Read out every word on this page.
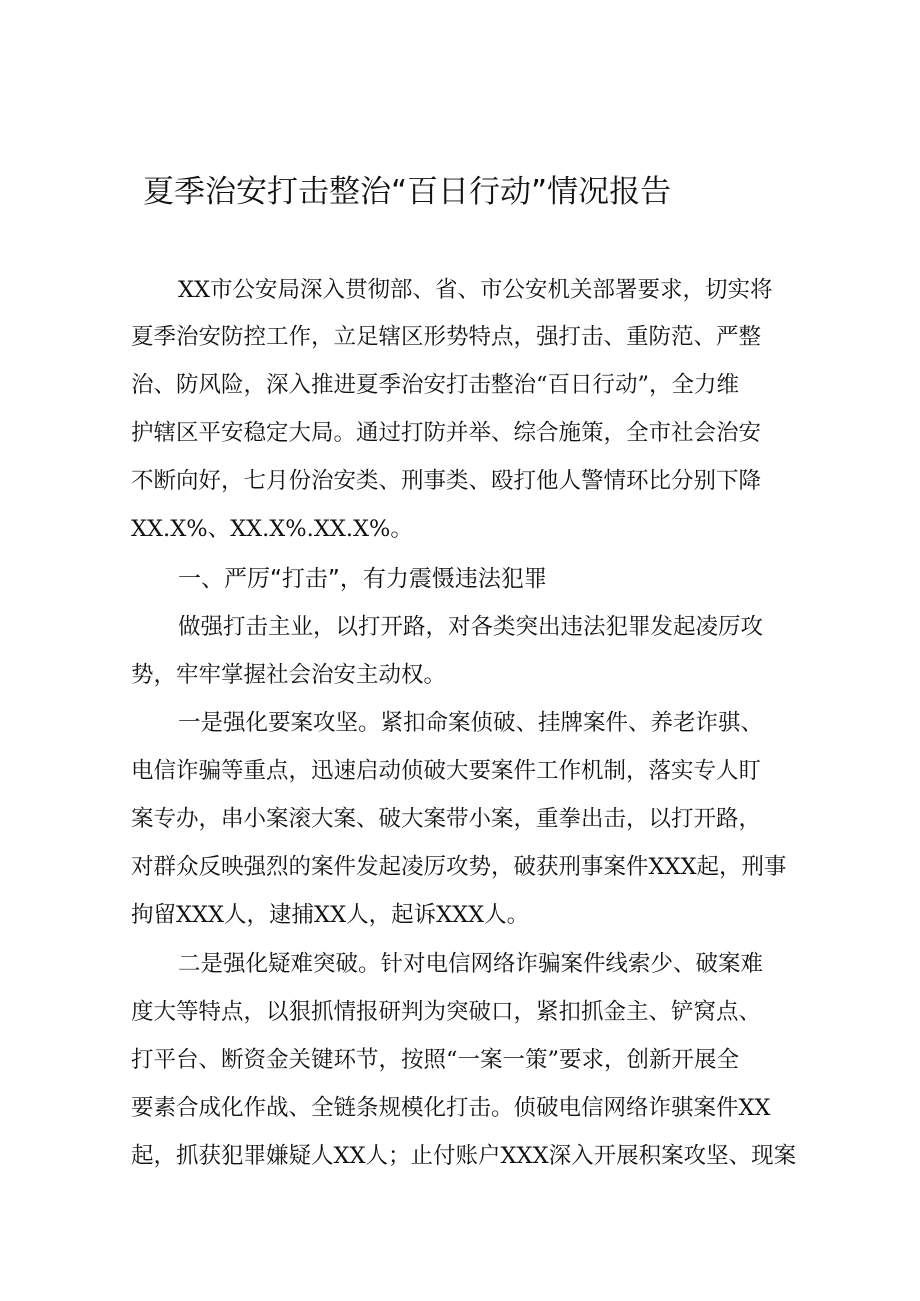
夏季治安打击整治“百日行动”情况报告
XX市公安局深入贯彻部、省、市公安机关部署要求，切实将
夏季治安防控工作，立足辖区形势特点，强打击、重防范、严整
治、防风险，深入推进夏季治安打击整治“百日行动”，全力维
护辖区平安稳定大局。通过打防并举、综合施策，全市社会治安
不断向好，七月份治安类、刑事类、殴打他人警情环比分别下降
XX.X%、XX.X%.XX.X%。
一、严厉“打击”，有力震慑违法犯罪
做强打击主业，以打开路，对各类突出违法犯罪发起凌厉攻
势，牢牢掌握社会治安主动权。
一是强化要案攻坚。紧扣命案侦破、挂牌案件、养老诈骐、
电信诈骗等重点，迅速启动侦破大要案件工作机制，落实专人盯
案专办，串小案滚大案、破大案带小案，重拳出击，以打开路，
对群众反映强烈的案件发起凌厉攻势，破获刑事案件XXX起，刑事
拘留XXX人，逮捕XX人，起诉XXX人。
二是强化疑难突破。针对电信网络诈骗案件线索少、破案难
度大等特点，以狠抓情报研判为突破口，紧扣抓金主、铲窝点、
打平台、断资金关键环节，按照“一案一策”要求，创新开展全
要素合成化作战、全链条规模化打击。侦破电信网络诈骐案件XX
起，抓获犯罪嫌疑人XX人；止付账户XXX深入开展积案攻坚、现案
